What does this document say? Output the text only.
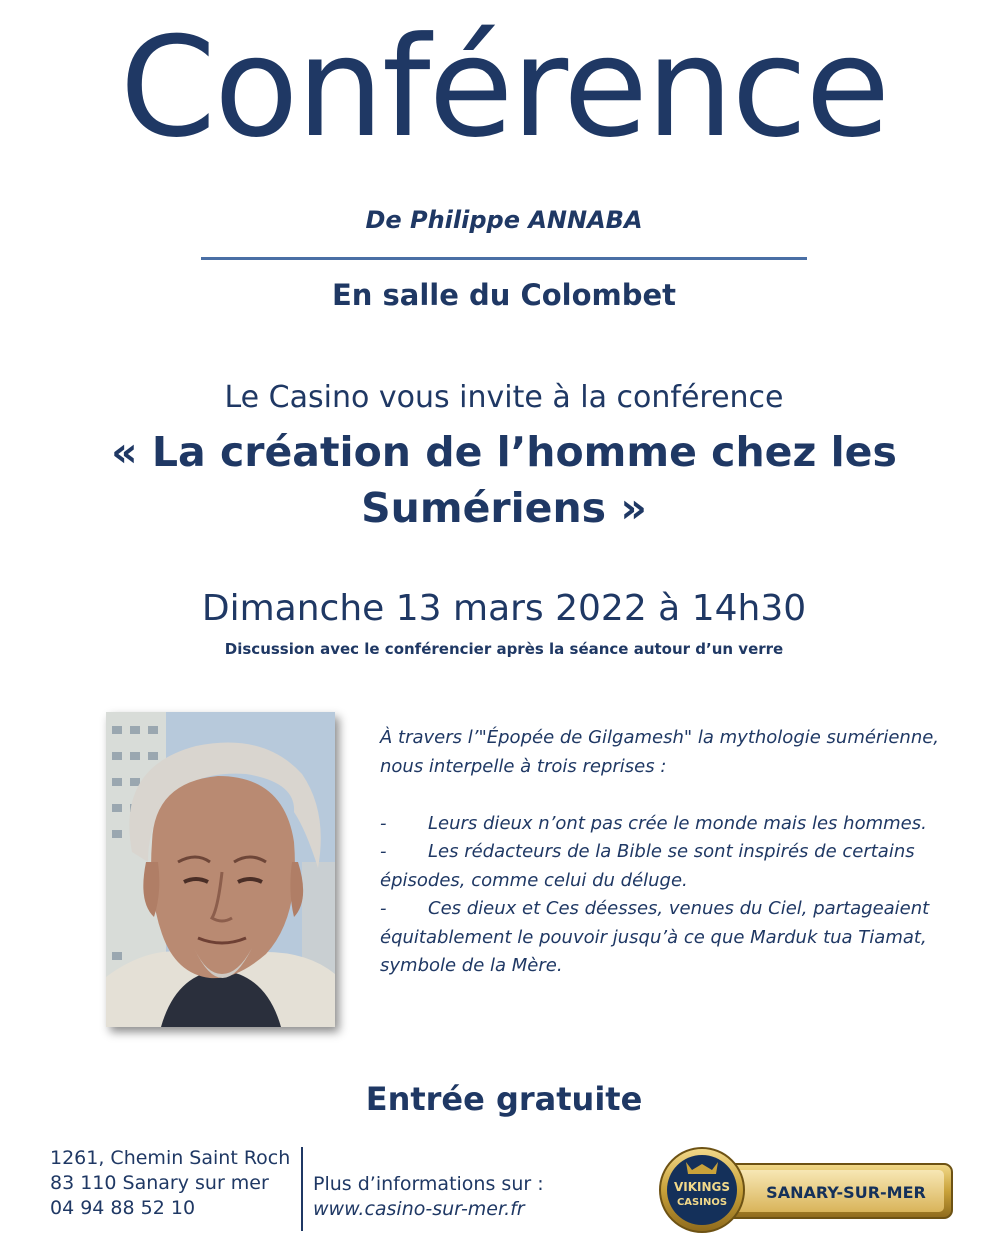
Conférence
De Philippe ANNABA
En salle du Colombet
Le Casino vous invite à la conférence
« La création de l’homme chez les
Sumériens »
Dimanche 13 mars 2022 à 14h30
Discussion avec le conférencier après la séance autour d’un verre

À travers l’"Épopée de Gilgamesh" la mythologie sumérienne,

nous interpelle à trois reprises :

- Leurs dieux n’ont pas crée le monde mais les hommes.

- Les rédacteurs de la Bible se sont inspirés de certains

épisodes, comme celui du déluge.

- Ces dieux et Ces déesses, venues du Ciel, partageaient

équitablement le pouvoir jusqu’à ce que Marduk tua Tiamat,

symbole de la Mère.

Entrée gratuite
1261, Chemin Saint Roch
83 110 Sanary sur mer
04 94 88 52 10
Plus d’informations sur :
www.casino-sur-mer.fr
SANARY-SUR-MER
VIKINGS
CASINOS
